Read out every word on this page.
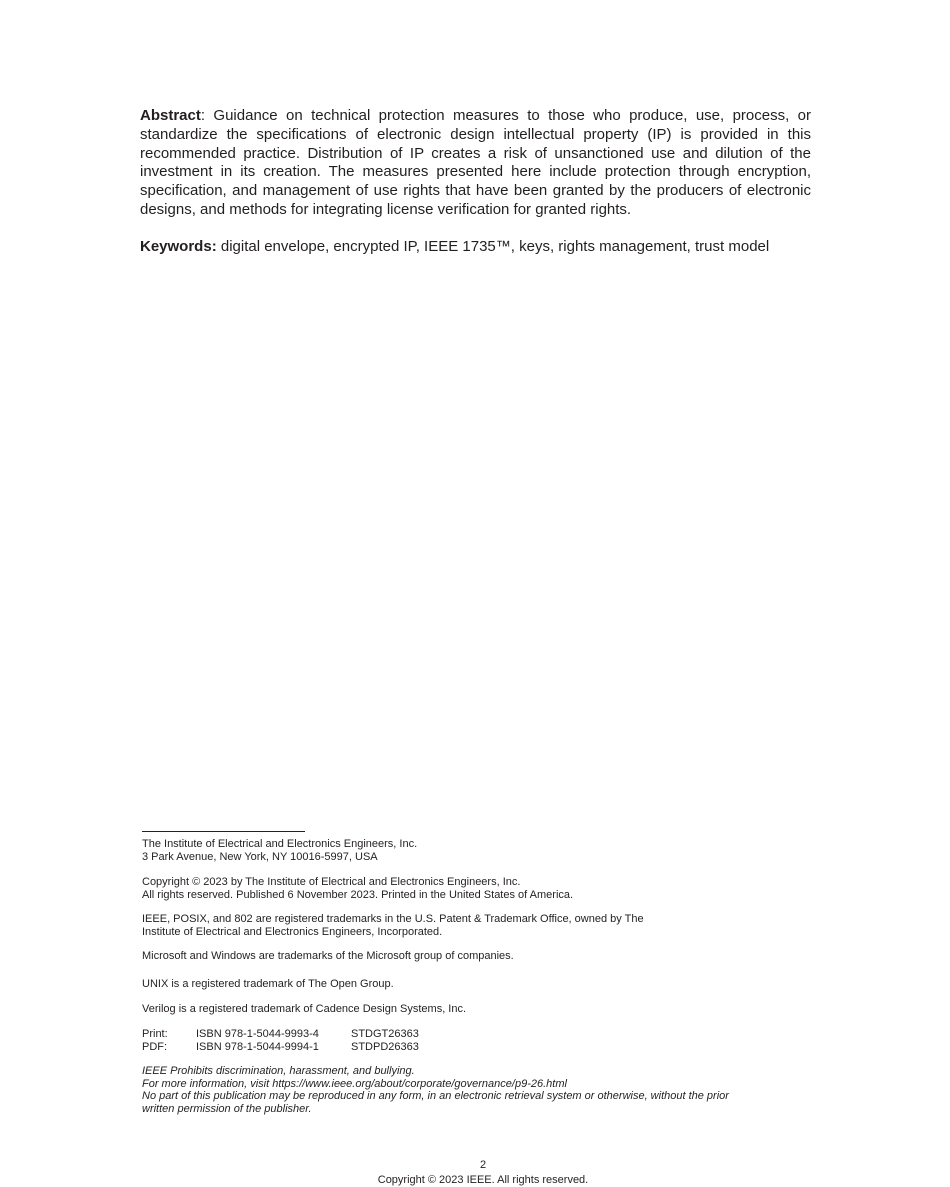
Abstract: Guidance on technical protection measures to those who produce, use, process, or standardize the specifications of electronic design intellectual property (IP) is provided in this recommended practice. Distribution of IP creates a risk of unsanctioned use and dilution of the investment in its creation. The measures presented here include protection through encryption, specification, and management of use rights that have been granted by the producers of electronic designs, and methods for integrating license verification for granted rights.

Keywords: digital envelope, encrypted IP, IEEE 1735™, keys, rights management, trust model

The Institute of Electrical and Electronics Engineers, Inc.
3 Park Avenue, New York, NY 10016-5997, USA

Copyright © 2023 by The Institute of Electrical and Electronics Engineers, Inc.
All rights reserved. Published 6 November 2023. Printed in the United States of America.

IEEE, POSIX, and 802 are registered trademarks in the U.S. Patent & Trademark Office, owned by The
Institute of Electrical and Electronics Engineers, Incorporated.

Microsoft and Windows are trademarks of the Microsoft group of companies.

UNIX is a registered trademark of The Open Group.

Verilog is a registered trademark of Cadence Design Systems, Inc.

Print:	ISBN 978-1-5044-9993-4	STDGT26363
PDF:	ISBN 978-1-5044-9994-1	STDPD26363

IEEE Prohibits discrimination, harassment, and bullying.
For more information, visit https://www.ieee.org/about/corporate/governance/p9-26.html
No part of this publication may be reproduced in any form, in an electronic retrieval system or otherwise, without the prior
written permission of the publisher.

2

Copyright © 2023 IEEE. All rights reserved.
